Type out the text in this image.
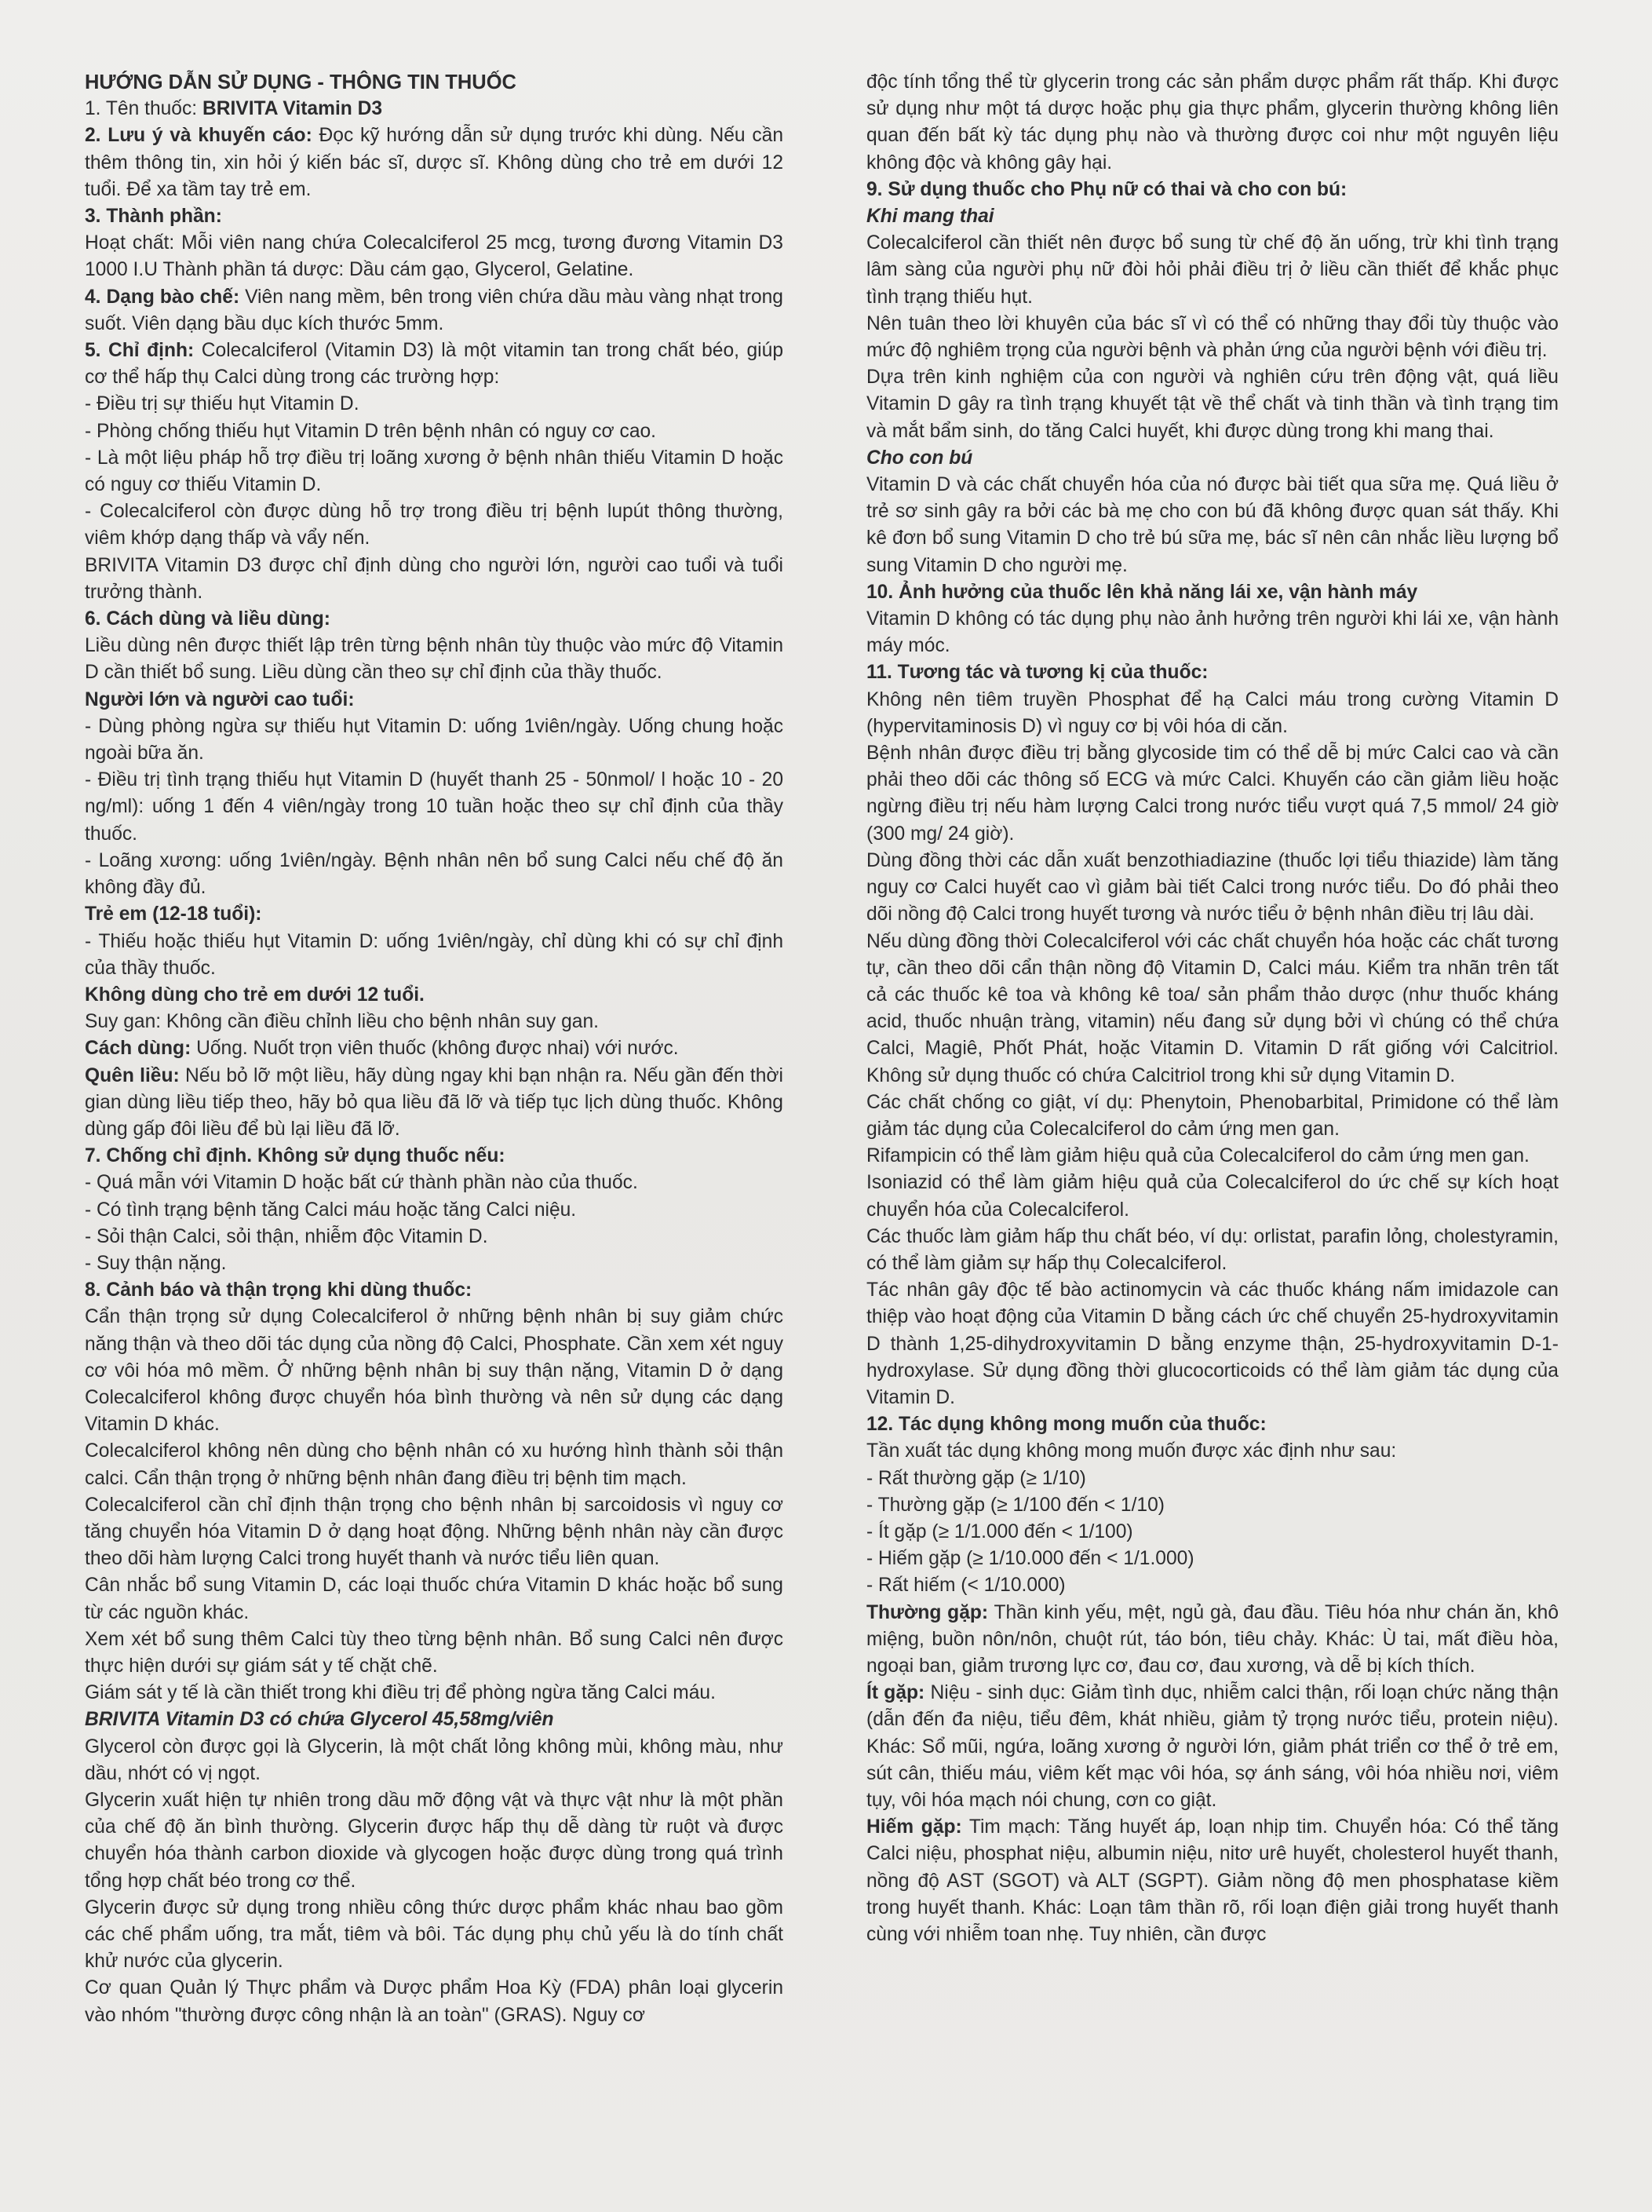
HƯỚNG DẪN SỬ DỤNG - THÔNG TIN THUỐC

1. Tên thuốc: BRIVITA Vitamin D3

2. Lưu ý và khuyến cáo: Đọc kỹ hướng dẫn sử dụng trước khi dùng. Nếu cần thêm thông tin, xin hỏi ý kiến bác sĩ, dược sĩ. Không dùng cho trẻ em dưới 12 tuổi. Để xa tầm tay trẻ em.

3. Thành phần:

Hoạt chất: Mỗi viên nang chứa Colecalciferol 25 mcg, tương đương Vitamin D3 1000 I.U Thành phần tá dược: Dầu cám gạo, Glycerol, Gelatine.

4. Dạng bào chế: Viên nang mềm, bên trong viên chứa dầu màu vàng nhạt trong suốt. Viên dạng bầu dục kích thước 5mm.

5. Chỉ định: Colecalciferol (Vitamin D3) là một vitamin tan trong chất béo, giúp cơ thể hấp thụ Calci dùng trong các trường hợp:

- Điều trị sự thiếu hụt Vitamin D.

- Phòng chống thiếu hụt Vitamin D trên bệnh nhân có nguy cơ cao.

- Là một liệu pháp hỗ trợ điều trị loãng xương ở bệnh nhân thiếu Vitamin D hoặc có nguy cơ thiếu Vitamin D.

- Colecalciferol còn được dùng hỗ trợ trong điều trị bệnh lupút thông thường, viêm khớp dạng thấp và vẩy nến.

BRIVITA Vitamin D3 được chỉ định dùng cho người lớn, người cao tuổi và tuổi trưởng thành.

6. Cách dùng và liều dùng:

Liều dùng nên được thiết lập trên từng bệnh nhân tùy thuộc vào mức độ Vitamin D cần thiết bổ sung. Liều dùng cần theo sự chỉ định của thầy thuốc.

Người lớn và người cao tuổi:

- Dùng phòng ngừa sự thiếu hụt Vitamin D: uống 1viên/ngày. Uống chung hoặc ngoài bữa ăn.

- Điều trị tình trạng thiếu hụt Vitamin D (huyết thanh 25 - 50nmol/ l hoặc 10 - 20 ng/ml): uống 1 đến 4 viên/ngày trong 10 tuần hoặc theo sự chỉ định của thầy thuốc.

- Loãng xương: uống 1viên/ngày. Bệnh nhân nên bổ sung Calci nếu chế độ ăn không đầy đủ.

Trẻ em (12-18 tuổi):

- Thiếu hoặc thiếu hụt Vitamin D: uống 1viên/ngày, chỉ dùng khi có sự chỉ định của thầy thuốc.

Không dùng cho trẻ em dưới 12 tuổi.

Suy gan: Không cần điều chỉnh liều cho bệnh nhân suy gan.

Cách dùng: Uống. Nuốt trọn viên thuốc (không được nhai) với nước.

Quên liều: Nếu bỏ lỡ một liều, hãy dùng ngay khi bạn nhận ra. Nếu gần đến thời gian dùng liều tiếp theo, hãy bỏ qua liều đã lỡ và tiếp tục lịch dùng thuốc. Không dùng gấp đôi liều để bù lại liều đã lỡ.

7. Chống chỉ định. Không sử dụng thuốc nếu:

- Quá mẫn với Vitamin D hoặc bất cứ thành phần nào của thuốc.

- Có tình trạng bệnh tăng Calci máu hoặc tăng Calci niệu.

- Sỏi thận Calci, sỏi thận, nhiễm độc Vitamin D.

- Suy thận nặng.

8. Cảnh báo và thận trọng khi dùng thuốc:

Cẩn thận trọng sử dụng Colecalciferol ở những bệnh nhân bị suy giảm chức năng thận và theo dõi tác dụng của nồng độ Calci, Phosphate. Cần xem xét nguy cơ vôi hóa mô mềm. Ở những bệnh nhân bị suy thận nặng, Vitamin D ở dạng Colecalciferol không được chuyển hóa bình thường và nên sử dụng các dạng Vitamin D khác.

Colecalciferol không nên dùng cho bệnh nhân có xu hướng hình thành sỏi thận calci. Cẩn thận trọng ở những bệnh nhân đang điều trị bệnh tim mạch.

Colecalciferol cần chỉ định thận trọng cho bệnh nhân bị sarcoidosis vì nguy cơ tăng chuyển hóa Vitamin D ở dạng hoạt động. Những bệnh nhân này cần được theo dõi hàm lượng Calci trong huyết thanh và nước tiểu liên quan.

Cân nhắc bổ sung Vitamin D, các loại thuốc chứa Vitamin D khác hoặc bổ sung từ các nguồn khác.

Xem xét bổ sung thêm Calci tùy theo từng bệnh nhân. Bổ sung Calci nên được thực hiện dưới sự giám sát y tế chặt chẽ.

Giám sát y tế là cần thiết trong khi điều trị để phòng ngừa tăng Calci máu.

BRIVITA Vitamin D3 có chứa Glycerol 45,58mg/viên

Glycerol còn được gọi là Glycerin, là một chất lỏng không mùi, không màu, như dầu, nhớt có vị ngọt.

Glycerin xuất hiện tự nhiên trong dầu mỡ động vật và thực vật như là một phần của chế độ ăn bình thường. Glycerin được hấp thụ dễ dàng từ ruột và được chuyển hóa thành carbon dioxide và glycogen hoặc được dùng trong quá trình tổng hợp chất béo trong cơ thể.

Glycerin được sử dụng trong nhiều công thức dược phẩm khác nhau bao gồm các chế phẩm uống, tra mắt, tiêm và bôi. Tác dụng phụ chủ yếu là do tính chất khử nước của glycerin.

Cơ quan Quản lý Thực phẩm và Dược phẩm Hoa Kỳ (FDA) phân loại glycerin vào nhóm "thường được công nhận là an toàn" (GRAS). Nguy cơ

độc tính tổng thể từ glycerin trong các sản phẩm dược phẩm rất thấp. Khi được sử dụng như một tá dược hoặc phụ gia thực phẩm, glycerin thường không liên quan đến bất kỳ tác dụng phụ nào và thường được coi như một nguyên liệu không độc và không gây hại.

9. Sử dụng thuốc cho Phụ nữ có thai và cho con bú:

Khi mang thai

Colecalciferol cần thiết nên được bổ sung từ chế độ ăn uống, trừ khi tình trạng lâm sàng của người phụ nữ đòi hỏi phải điều trị ở liều cần thiết để khắc phục tình trạng thiếu hụt.

Nên tuân theo lời khuyên của bác sĩ vì có thể có những thay đổi tùy thuộc vào mức độ nghiêm trọng của người bệnh và phản ứng của người bệnh với điều trị.

Dựa trên kinh nghiệm của con người và nghiên cứu trên động vật, quá liều Vitamin D gây ra tình trạng khuyết tật về thể chất và tinh thần và tình trạng tim và mắt bẩm sinh, do tăng Calci huyết, khi được dùng trong khi mang thai.

Cho con bú

Vitamin D và các chất chuyển hóa của nó được bài tiết qua sữa mẹ. Quá liều ở trẻ sơ sinh gây ra bởi các bà mẹ cho con bú đã không được quan sát thấy. Khi kê đơn bổ sung Vitamin D cho trẻ bú sữa mẹ, bác sĩ nên cân nhắc liều lượng bổ sung Vitamin D cho người mẹ.

10. Ảnh hưởng của thuốc lên khả năng lái xe, vận hành máy

Vitamin D không có tác dụng phụ nào ảnh hưởng trên người khi lái xe, vận hành máy móc.

11. Tương tác và tương kị của thuốc:

Không nên tiêm truyền Phosphat để hạ Calci máu trong cường Vitamin D (hypervitaminosis D) vì nguy cơ bị vôi hóa di căn.

Bệnh nhân được điều trị bằng glycoside tim có thể dễ bị mức Calci cao và cần phải theo dõi các thông số ECG và mức Calci. Khuyến cáo cần giảm liều hoặc ngừng điều trị nếu hàm lượng Calci trong nước tiểu vượt quá 7,5 mmol/ 24 giờ (300 mg/ 24 giờ).

Dùng đồng thời các dẫn xuất benzothiadiazine (thuốc lợi tiểu thiazide) làm tăng nguy cơ Calci huyết cao vì giảm bài tiết Calci trong nước tiểu. Do đó phải theo dõi nồng độ Calci trong huyết tương và nước tiểu ở bệnh nhân điều trị lâu dài.

Nếu dùng đồng thời Colecalciferol với các chất chuyển hóa hoặc các chất tương tự, cần theo dõi cẩn thận nồng độ Vitamin D, Calci máu. Kiểm tra nhãn trên tất cả các thuốc kê toa và không kê toa/ sản phẩm thảo dược (như thuốc kháng acid, thuốc nhuận tràng, vitamin) nếu đang sử dụng bởi vì chúng có thể chứa Calci, Magiê, Phốt Phát, hoặc Vitamin D. Vitamin D rất giống với Calcitriol. Không sử dụng thuốc có chứa Calcitriol trong khi sử dụng Vitamin D.

Các chất chống co giật, ví dụ: Phenytoin, Phenobarbital, Primidone có thể làm giảm tác dụng của Colecalciferol do cảm ứng men gan.

Rifampicin có thể làm giảm hiệu quả của Colecalciferol do cảm ứng men gan.

Isoniazid có thể làm giảm hiệu quả của Colecalciferol do ức chế sự kích hoạt chuyển hóa của Colecalciferol.

Các thuốc làm giảm hấp thu chất béo, ví dụ: orlistat, parafin lỏng, cholestyramin, có thể làm giảm sự hấp thụ Colecalciferol.

Tác nhân gây độc tế bào actinomycin và các thuốc kháng nấm imidazole can thiệp vào hoạt động của Vitamin D bằng cách ức chế chuyển 25-hydroxyvitamin D thành 1,25-dihydroxyvitamin D bằng enzyme thận, 25-hydroxyvitamin D-1-hydroxylase. Sử dụng đồng thời glucocorticoids có thể làm giảm tác dụng của Vitamin D.

12. Tác dụng không mong muốn của thuốc:

Tần xuất tác dụng không mong muốn được xác định như sau:

- Rất thường gặp (≥ 1/10)

- Thường gặp (≥ 1/100 đến < 1/10)

- Ít gặp (≥ 1/1.000 đến < 1/100)

- Hiếm gặp (≥ 1/10.000 đến < 1/1.000)

- Rất hiếm (< 1/10.000)

Thường gặp: Thần kinh yếu, mệt, ngủ gà, đau đầu. Tiêu hóa như chán ăn, khô miệng, buồn nôn/nôn, chuột rút, táo bón, tiêu chảy. Khác: Ù tai, mất điều hòa, ngoại ban, giảm trương lực cơ, đau cơ, đau xương, và dễ bị kích thích.

Ít gặp: Niệu - sinh dục: Giảm tình dục, nhiễm calci thận, rối loạn chức năng thận (dẫn đến đa niệu, tiểu đêm, khát nhiều, giảm tỷ trọng nước tiểu, protein niệu). Khác: Sổ mũi, ngứa, loãng xương ở người lớn, giảm phát triển cơ thể ở trẻ em, sút cân, thiếu máu, viêm kết mạc vôi hóa, sợ ánh sáng, vôi hóa nhiều nơi, viêm tụy, vôi hóa mạch nói chung, cơn co giật.

Hiếm gặp: Tim mạch: Tăng huyết áp, loạn nhịp tim. Chuyển hóa: Có thể tăng Calci niệu, phosphat niệu, albumin niệu, nitơ urê huyết, cholesterol huyết thanh, nồng độ AST (SGOT) và ALT (SGPT). Giảm nồng độ men phosphatase kiềm trong huyết thanh. Khác: Loạn tâm thần rõ, rối loạn điện giải trong huyết thanh cùng với nhiễm toan nhẹ. Tuy nhiên, cần được
